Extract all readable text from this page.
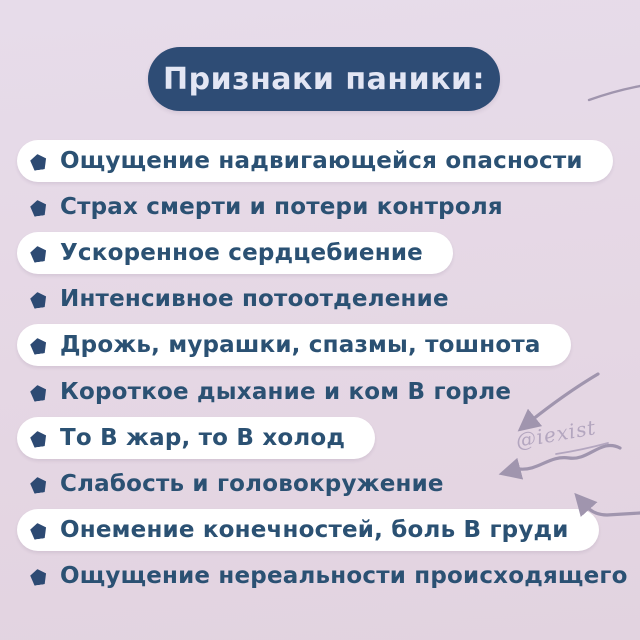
Признаки паники:
Ощущение надвигающейся опасности
Страх смерти и потери контроля
Ускоренное сердцебиение
Интенсивное потоотделение
Дрожь, мурашки, спазмы, тошнота
Короткое дыхание и ком В горле
То В жар, то В холод
Слабость и головокружение
Онемение конечностей, боль В груди
Ощущение нереальности происходящего
@iexist
